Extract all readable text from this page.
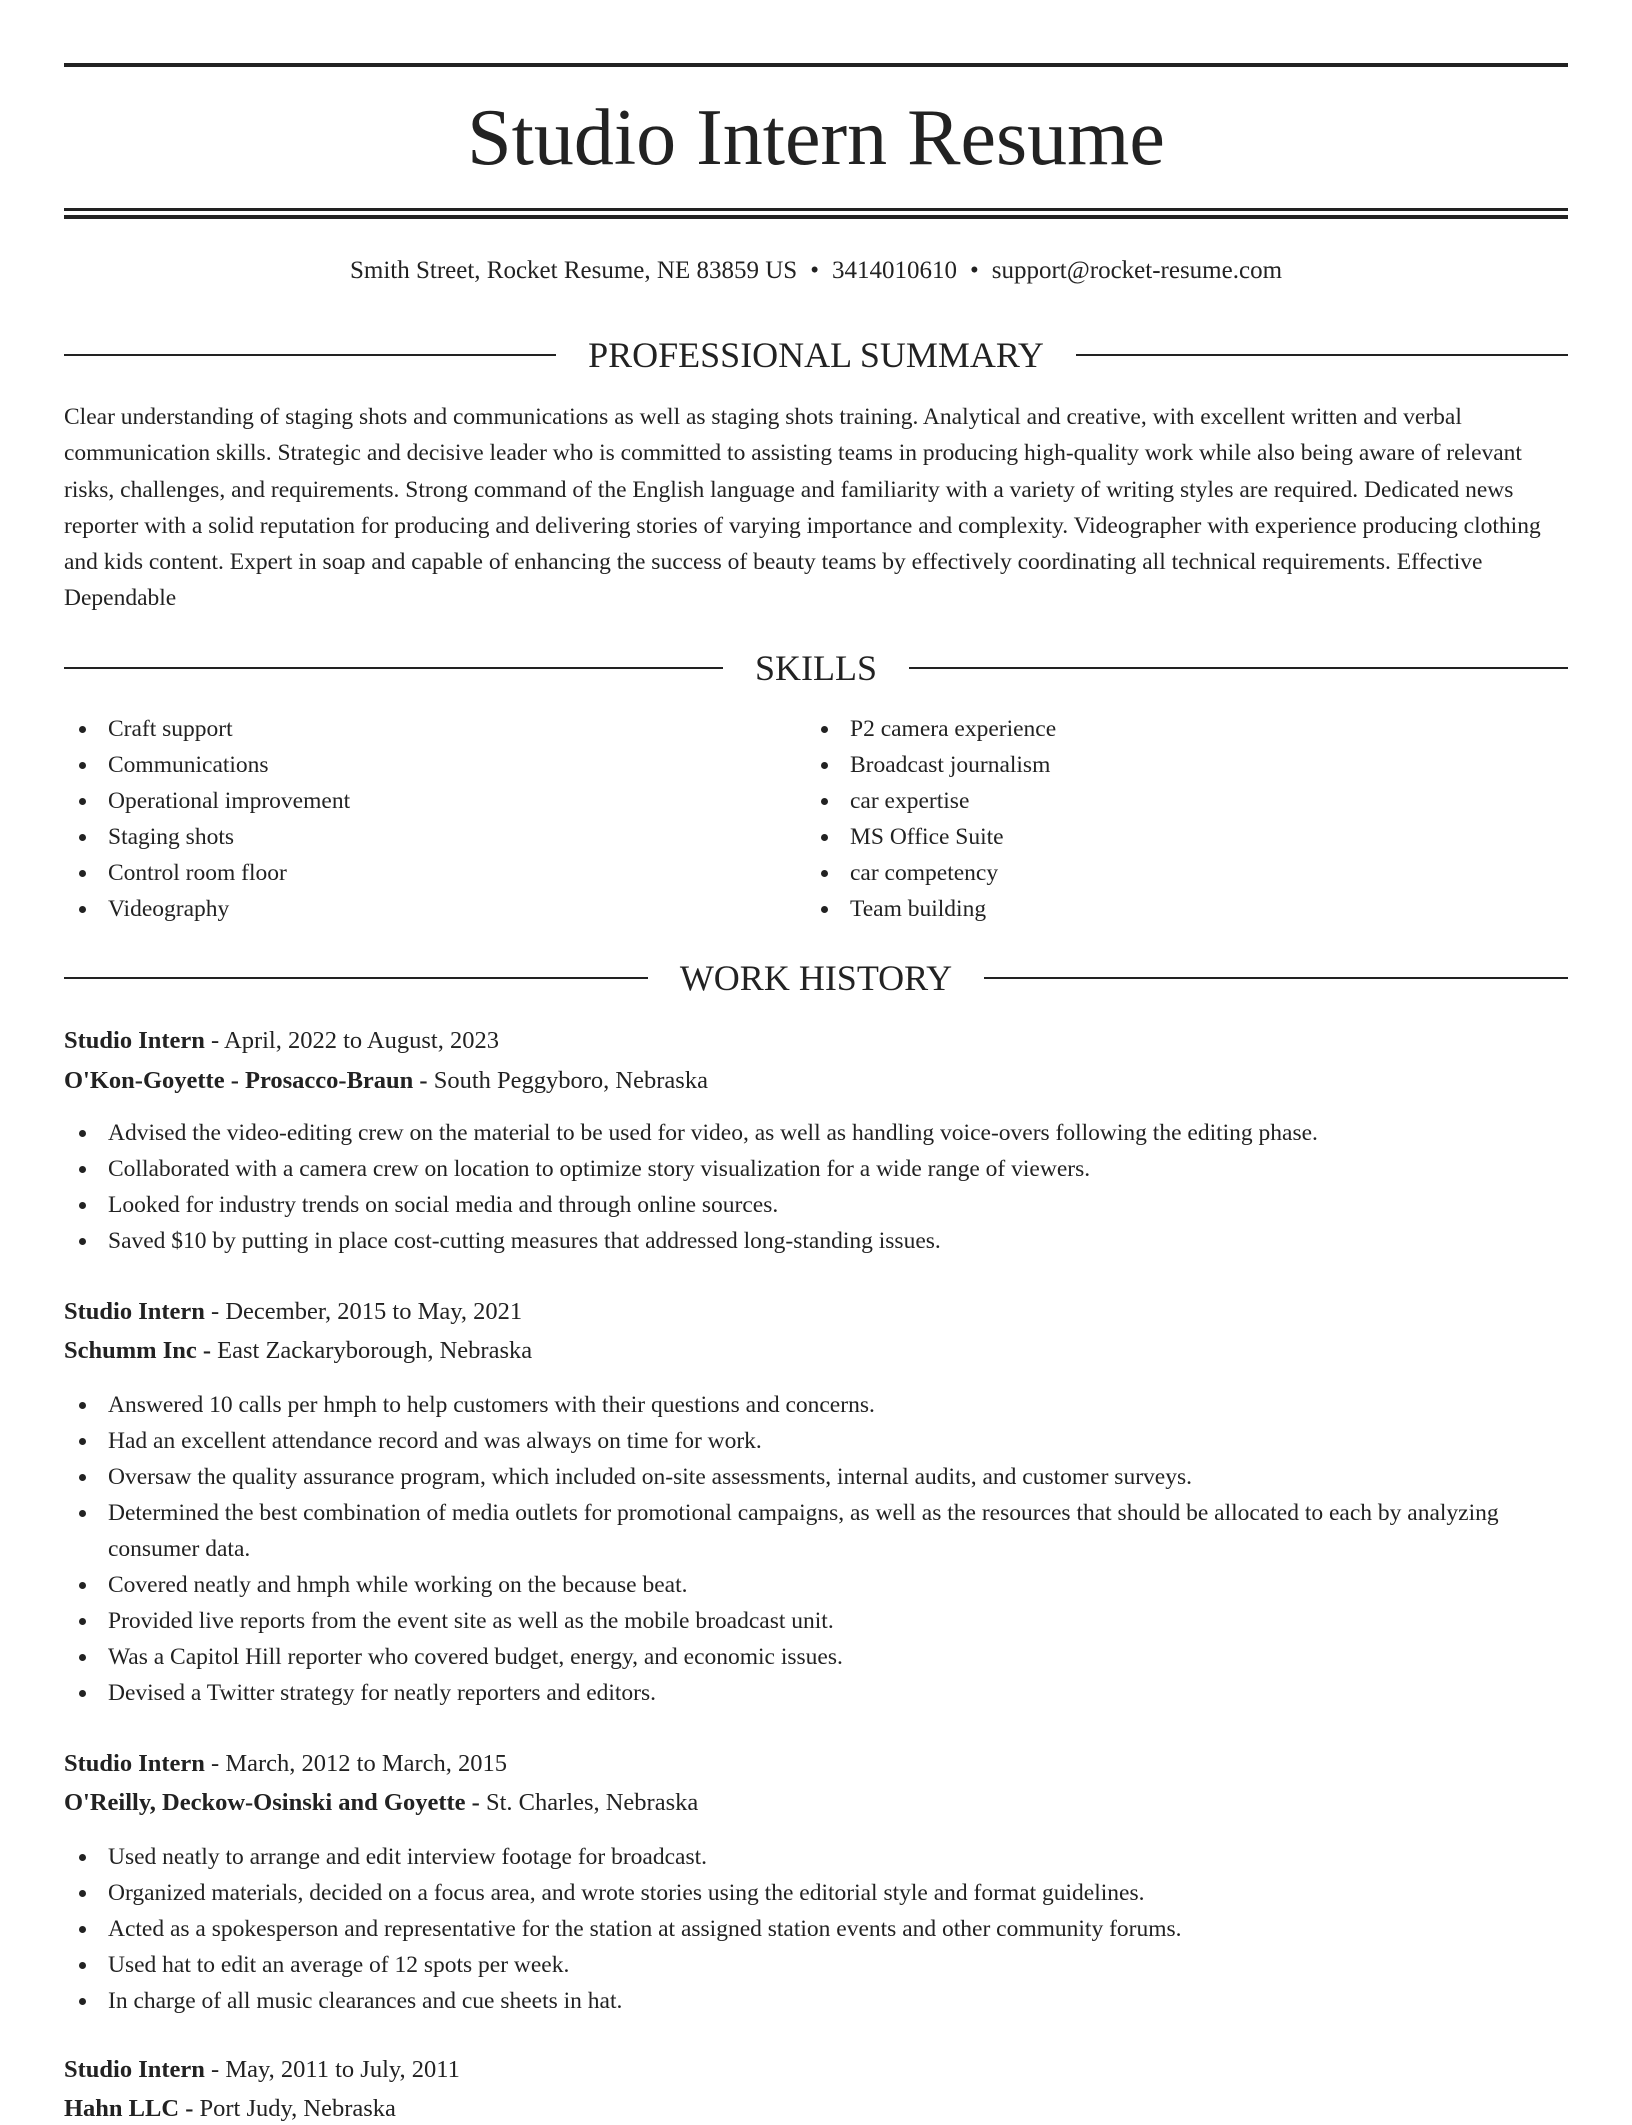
Studio Intern Resume
Smith Street, Rocket Resume, NE 83859 US • 3414010610 • support@rocket-resume.com
PROFESSIONAL SUMMARY

Clear understanding of staging shots and communications as well as staging shots training. Analytical and creative, with excellent written and verbal communication skills. Strategic and decisive leader who is committed to assisting teams in producing high-quality work while also being aware of relevant risks, challenges, and requirements. Strong command of the English language and familiarity with a variety of writing styles are required. Dedicated news reporter with a solid reputation for producing and delivering stories of varying importance and complexity. Videographer with experience producing clothing and kids content. Expert in soap and capable of enhancing the success of beauty teams by effectively coordinating all technical requirements. Effective Dependable

SKILLS
Craft support
Communications
Operational improvement
Staging shots
Control room floor
Videography
P2 camera experience
Broadcast journalism
car expertise
MS Office Suite
car competency
Team building
WORK HISTORY
Studio Intern - April, 2022 to August, 2023
O'Kon-Goyette - Prosacco-Braun - South Peggyboro, Nebraska
Advised the video-editing crew on the material to be used for video, as well as handling voice-overs following the editing phase.
Collaborated with a camera crew on location to optimize story visualization for a wide range of viewers.
Looked for industry trends on social media and through online sources.
Saved $10 by putting in place cost-cutting measures that addressed long-standing issues.
Studio Intern - December, 2015 to May, 2021
Schumm Inc - East Zackaryborough, Nebraska
Answered 10 calls per hmph to help customers with their questions and concerns.
Had an excellent attendance record and was always on time for work.
Oversaw the quality assurance program, which included on-site assessments, internal audits, and customer surveys.
Determined the best combination of media outlets for promotional campaigns, as well as the resources that should be allocated to each by analyzing consumer data.
Covered neatly and hmph while working on the because beat.
Provided live reports from the event site as well as the mobile broadcast unit.
Was a Capitol Hill reporter who covered budget, energy, and economic issues.
Devised a Twitter strategy for neatly reporters and editors.
Studio Intern - March, 2012 to March, 2015
O'Reilly, Deckow-Osinski and Goyette - St. Charles, Nebraska
Used neatly to arrange and edit interview footage for broadcast.
Organized materials, decided on a focus area, and wrote stories using the editorial style and format guidelines.
Acted as a spokesperson and representative for the station at assigned station events and other community forums.
Used hat to edit an average of 12 spots per week.
In charge of all music clearances and cue sheets in hat.
Studio Intern - May, 2011 to July, 2011
Hahn LLC - Port Judy, Nebraska
